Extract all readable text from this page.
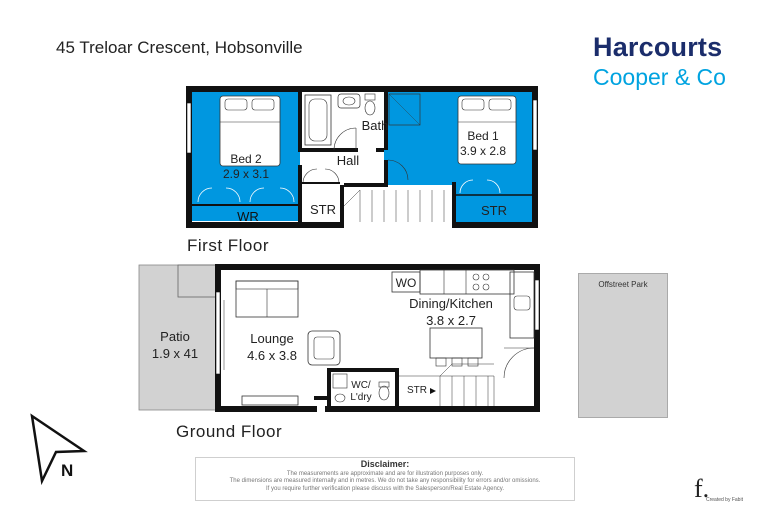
45 Treloar Crescent, Hobsonville	Harcourts
Cooper & Co
First Floor
Ground Floor
Bed 2
2.9 x 3.1
WR
Bath
Hall
STR
Bed 1
3.9 x 2.8
STR
Patio
1.9 x 41
Lounge
4.6 x 3.8
WO
Dining/Kitchen
3.8 x 2.7
WC/
L'dry
STR
Offstreet Park
N	Disclaimer:
The measurements are approximate and are for illustration purposes only.
The dimensions are measured internally and in metres. We do not take any responsibility for errors and/or omissions.
If you require further verification please discuss with the Salesperson/Real Estate Agency.	f.
Created by Fabit
